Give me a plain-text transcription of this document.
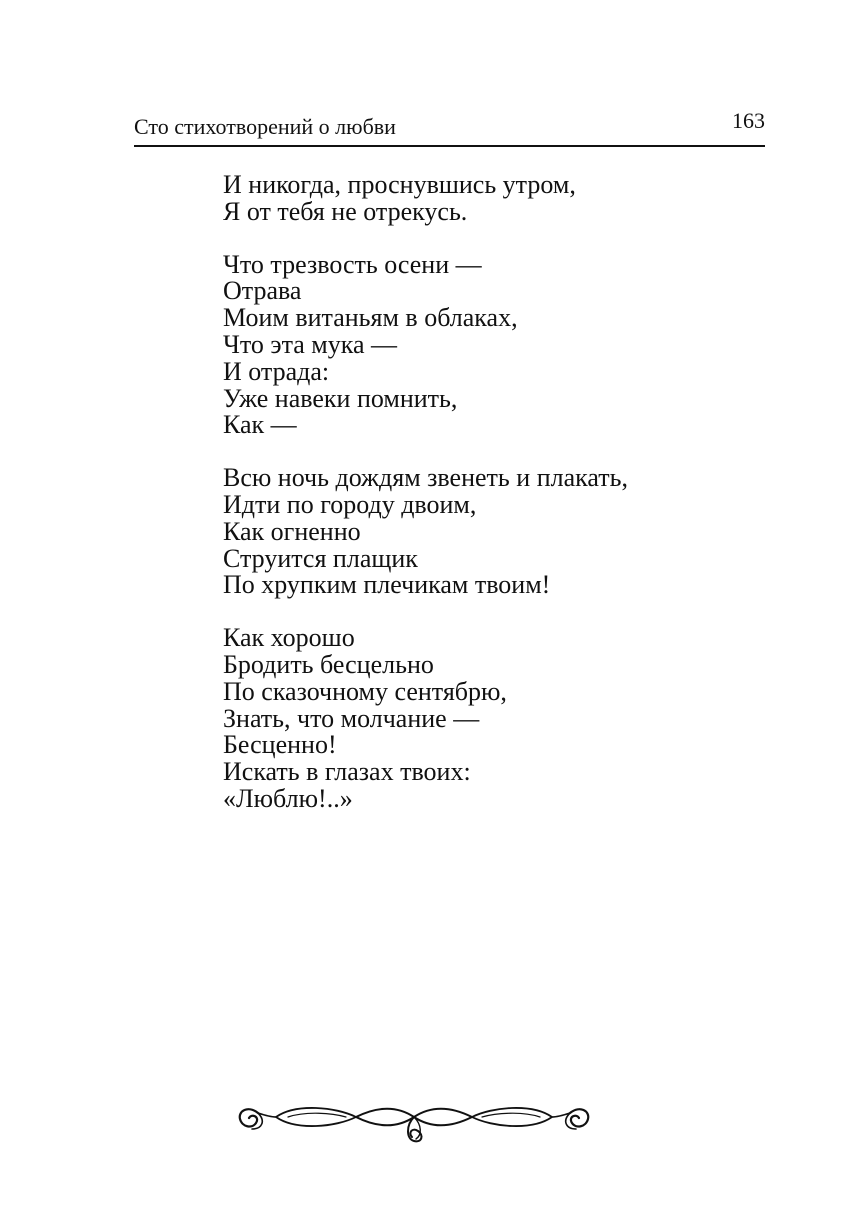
Сто стихотворений о любви	163
И никогда, проснувшись утром,
Я от тебя не отрекусь.
Что трезвость осени —
Отрава
Моим витаньям в облаках,
Что эта мука —
И отрада:
Уже навеки помнить,
Как —
Всю ночь дождям звенеть и плакать,
Идти по городу двоим,
Как огненно
Струится плащик
По хрупким плечикам твоим!
Как хорошо
Бродить бесцельно
По сказочному сентябрю,
Знать, что молчание —
Бесценно!
Искать в глазах твоих:
«Люблю!..»
